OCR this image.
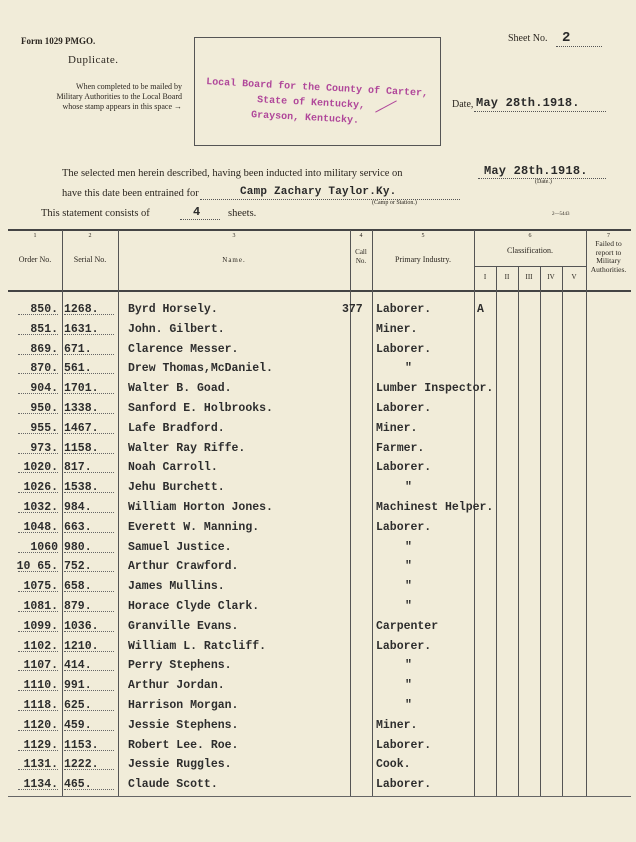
Form 1029 PMGO.	Sheet No. 2
Duplicate.
When completed to be mailed by
Military Authorities to the Local Board
whose stamp appears in this space →
Local Board for the County of Carter,
State of Kentucky,
Grayson, Kentucky.
Date, May 28th.1918.
The selected men herein described, having been inducted into military service on	May 28th.1918.
(Date.)
have this date been entrained for	Camp Zachary Taylor.Ky.
(Camp or Station.)
This statement consists of	4	sheets.	2—5443
1	2	3	4	5	6	7
Order No.	Serial No.	Name.
Call No.	Primary Industry.
Classification.
I	II	III	IV	V
Failed to
report to
Military
Authorities.
850. 1268.	Byrd Horsely.	377	Laborer.	A
851. 1631.	John. Gilbert.	Miner.
869. 671.	Clarence Messer.	Laborer.
870. 561.	Drew Thomas,McDaniel.	"
904. 1701.	Walter B. Goad.	Lumber Inspector.
950. 1338.	Sanford E. Holbrooks.	Laborer.
955. 1467.	Lafe Bradford.	Miner.
973. 1158.	Walter Ray Riffe.	Farmer.
1020. 817.	Noah Carroll.	Laborer.
1026. 1538.	Jehu Burchett.	"
1032. 984.	William Horton Jones.	Machinest Helper.
1048. 663.	Everett W. Manning.	Laborer.
1060 980.	Samuel Justice.	"
10 65. 752.	Arthur Crawford.	"
1075. 658.	James Mullins.	"
1081. 879.	Horace Clyde Clark.	"
1099. 1036.	Granville Evans.	Carpenter
1102. 1210.	William L. Ratcliff.	Laborer.
1107. 414.	Perry Stephens.	"
1110. 991.	Arthur Jordan.	"
1118. 625.	Harrison Morgan.	"
1120. 459.	Jessie Stephens.	Miner.
1129. 1153.	Robert Lee. Roe.	Laborer.
1131. 1222.	Jessie Ruggles.	Cook.
1134. 465.	Claude Scott.	Laborer.
